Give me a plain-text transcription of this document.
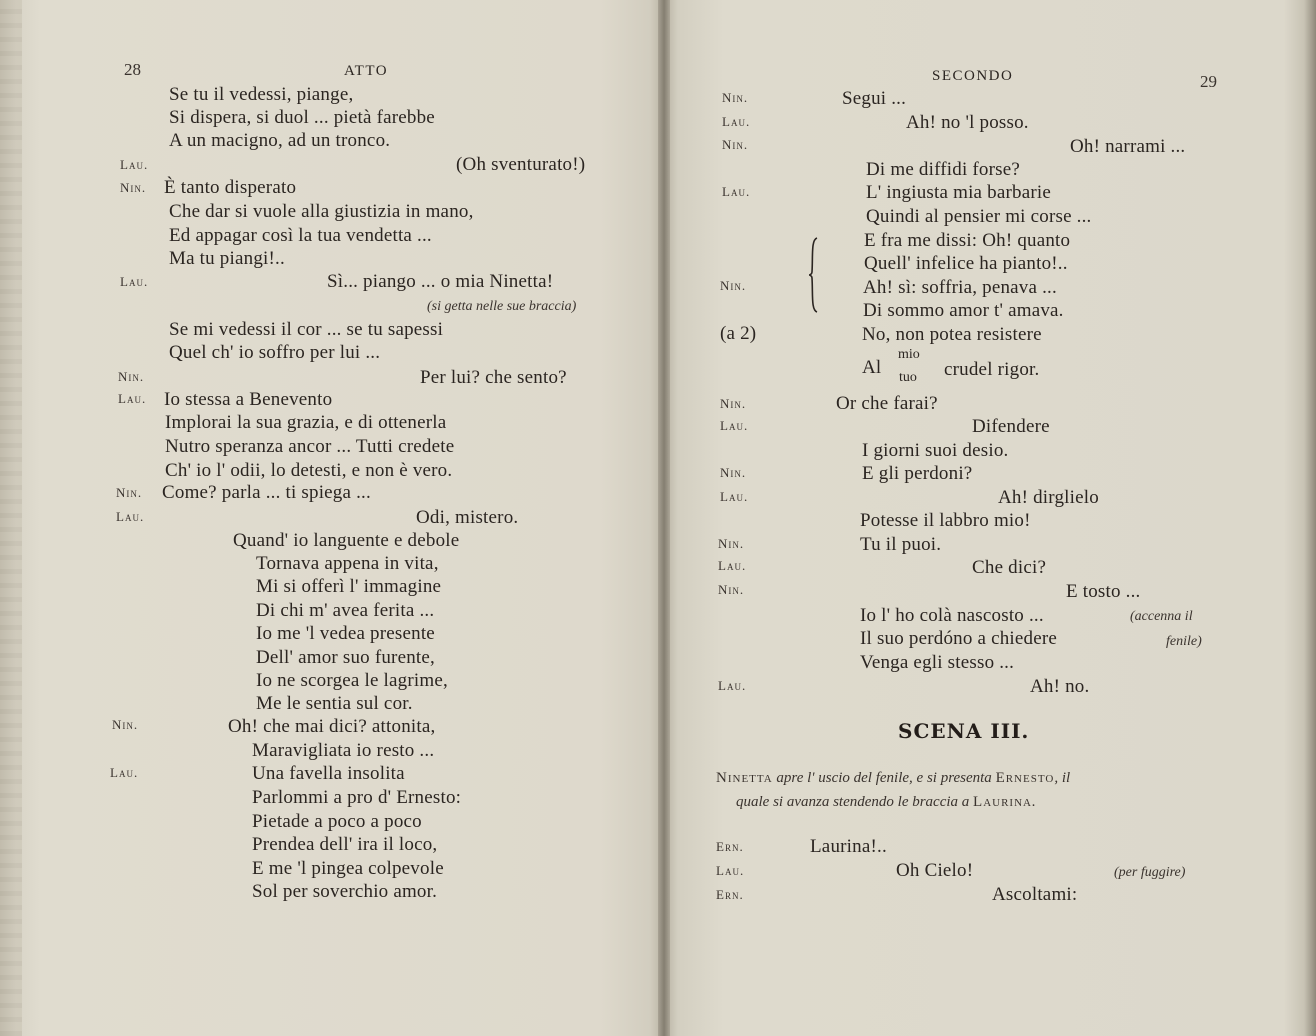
28	ATTO
Se tu il vedessi, piange,
Si dispera, si duol ... pietà farebbe
A un macigno, ad un tronco.
Lau.	(Oh sventurato!)
Nin. È tanto disperato
Che dar si vuole alla giustizia in mano,
Ed appagar così la tua vendetta ...
Ma tu piangi!..
Lau.	Sì... piango ... o mia Ninetta!
(si getta nelle sue braccia)
Se mi vedessi il cor ... se tu sapessi
Quel ch' io soffro per lui ...
Nin.	Per lui? che sento?
Lau. Io stessa a Benevento
Implorai la sua grazia, e di ottenerla
Nutro speranza ancor ... Tutti credete
Ch' io l' odii, lo detesti, e non è vero.
Nin. Come? parla ... ti spiega ...
Lau.	Odi, mistero.
Quand' io languente e debole
Tornava appena in vita,
Mi si offerì l' immagine
Di chi m' avea ferita ...
Io me 'l vedea presente
Dell' amor suo furente,
Io ne scorgea le lagrime,
Me le sentia sul cor.
Nin.	Oh! che mai dici? attonita,
Maravigliata io resto ...
Lau.	Una favella insolita
Parlommi a pro d' Ernesto:
Pietade a poco a poco
Prendea dell' ira il loco,
E me 'l pingea colpevole
Sol per soverchio amor.
SECONDO	29
Nin.	Segui ...
Lau.	Ah! no 'l posso.
Nin.	Oh! narrami ...
Di me diffidi forse?
Lau.	L' ingiusta mia barbarie
Quindi al pensier mi corse ...
E fra me dissi: Oh! quanto
Quell' infelice ha pianto!..
Nin.	Ah! sì: soffria, penava ...
Di sommo amor t' amava.
(a 2)	No, non potea resistere
Al
mio
tuo crudel rigor.
Nin.	Or che farai?
Lau.	Difendere
I giorni suoi desio.
Nin.	E gli perdoni?
Lau.	Ah! dirglielo
Potesse il labbro mio!
Nin.	Tu il puoi.
Lau.	Che dici?
Nin.	E tosto ...
Io l' ho colà nascosto ...	(accenna il
Il suo perdóno a chiedere	fenile)
Venga egli stesso ...
Lau.	Ah! no.
SCENA III.
Ninetta apre l' uscio del fenile, e si presenta Ernesto, il
quale si avanza stendendo le braccia a Laurina.
Ern.	Laurina!..
Lau.	Oh Cielo!	(per fuggire)
Ern.	Ascoltami:
